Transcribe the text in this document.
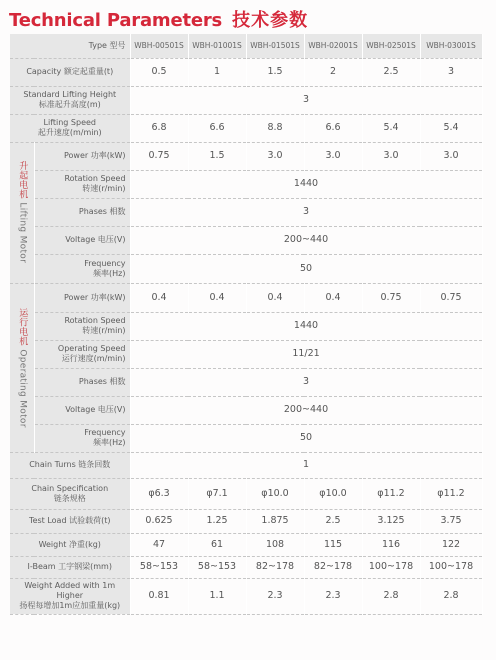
Technical Parameters 技术参数
Type 型号		WBH-00501S	WBH-01001S	WBH-01501S	WBH-02001S	WBH-02501S	WBH-03001S

Capacity 额定起重量(t)		0.5	1	1.5	2	2.5	3

Standard Lifting Height
标准起升高度(m)		3					

Lifting Speed
起升速度(m/min)		6.8	6.6	8.8	6.6	5.4	5.4

升起电机 Lifting Motor	Power 功率(kW)	0.75	1.5	3.0	3.0	3.0	3.0

	Rotation Speed
转速(r/min)	1440					

	Phases 相数	3					

	Voltage 电压(V)	200~440					

	Frequency
频率(Hz)	50					

运行电机 Operating Motor	Power 功率(kW)	0.4	0.4	0.4	0.4	0.75	0.75

	Rotation Speed
转速(r/min)	1440					

	Operating Speed
运行速度(m/min)	11/21					

	Phases 相数	3					

	Voltage 电压(V)	200~440					

	Frequency
频率(Hz)	50					

Chain Turns 链条回数		1					

Chain Specification
链条规格		φ6.3	φ7.1	φ10.0	φ10.0	φ11.2	φ11.2

Test Load 试验载荷(t)		0.625	1.25	1.875	2.5	3.125	3.75

Weight 净重(kg)		47	61	108	115	116	122

I-Beam 工字钢梁(mm)		58~153	58~153	82~178	82~178	100~178	100~178

Weight Added with 1m Higher
扬程每增加1m应加重量(kg)		0.81	1.1	2.3	2.3	2.8	2.8
